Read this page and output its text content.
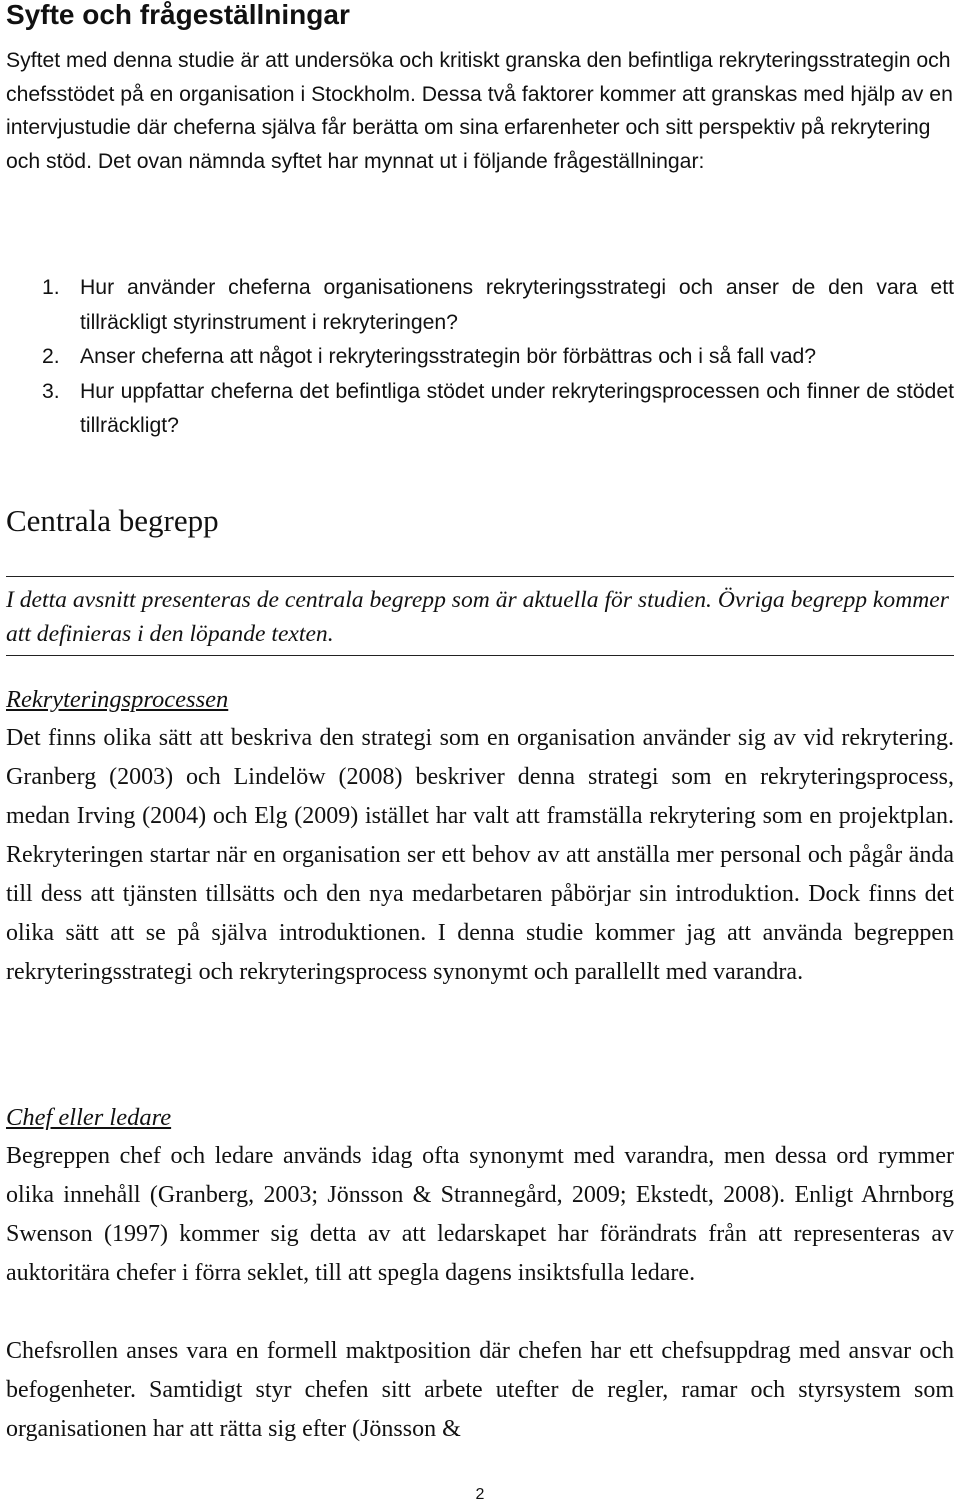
Syfte och frågeställningar

Syftet med denna studie är att undersöka och kritiskt granska den befintliga rekryteringsstrategin och chefsstödet på en organisation i Stockholm. Dessa två faktorer kommer att granskas med hjälp av en intervjustudie där cheferna själva får berätta om sina erfarenheter och sitt perspektiv på rekrytering och stöd. Det ovan nämnda syftet har mynnat ut i följande frågeställningar:

1. Hur använder cheferna organisationens rekryteringsstrategi och anser de den vara ett tillräckligt styrinstrument i rekryteringen?
2. Anser cheferna att något i rekryteringsstrategin bör förbättras och i så fall vad?
3. Hur uppfattar cheferna det befintliga stödet under rekryteringsprocessen och finner de stödet tillräckligt?
Centrala begrepp
I detta avsnitt presenteras de centrala begrepp som är aktuella för studien. Övriga begrepp kommer att definieras i den löpande texten.
Rekryteringsprocessen

Det finns olika sätt att beskriva den strategi som en organisation använder sig av vid rekrytering. Granberg (2003) och Lindelöw (2008) beskriver denna strategi som en rekryteringsprocess, medan Irving (2004) och Elg (2009) istället har valt att framställa rekrytering som en projektplan. Rekryteringen startar när en organisation ser ett behov av att anställa mer personal och pågår ända till dess att tjänsten tillsätts och den nya medarbetaren påbörjar sin introduktion. Dock finns det olika sätt att se på själva introduktionen. I denna studie kommer jag att använda begreppen rekryteringsstrategi och rekryteringsprocess synonymt och parallellt med varandra.

Chef eller ledare

Begreppen chef och ledare används idag ofta synonymt med varandra, men dessa ord rymmer olika innehåll (Granberg, 2003; Jönsson & Strannegård, 2009; Ekstedt, 2008). Enligt Ahrnborg Swenson (1997) kommer sig detta av att ledarskapet har förändrats från att representeras av auktoritära chefer i förra seklet, till att spegla dagens insiktsfulla ledare.

Chefsrollen anses vara en formell maktposition där chefen har ett chefsuppdrag med ansvar och befogenheter. Samtidigt styr chefen sitt arbete utefter de regler, ramar och styrsystem som organisationen har att rätta sig efter (Jönsson &

2
